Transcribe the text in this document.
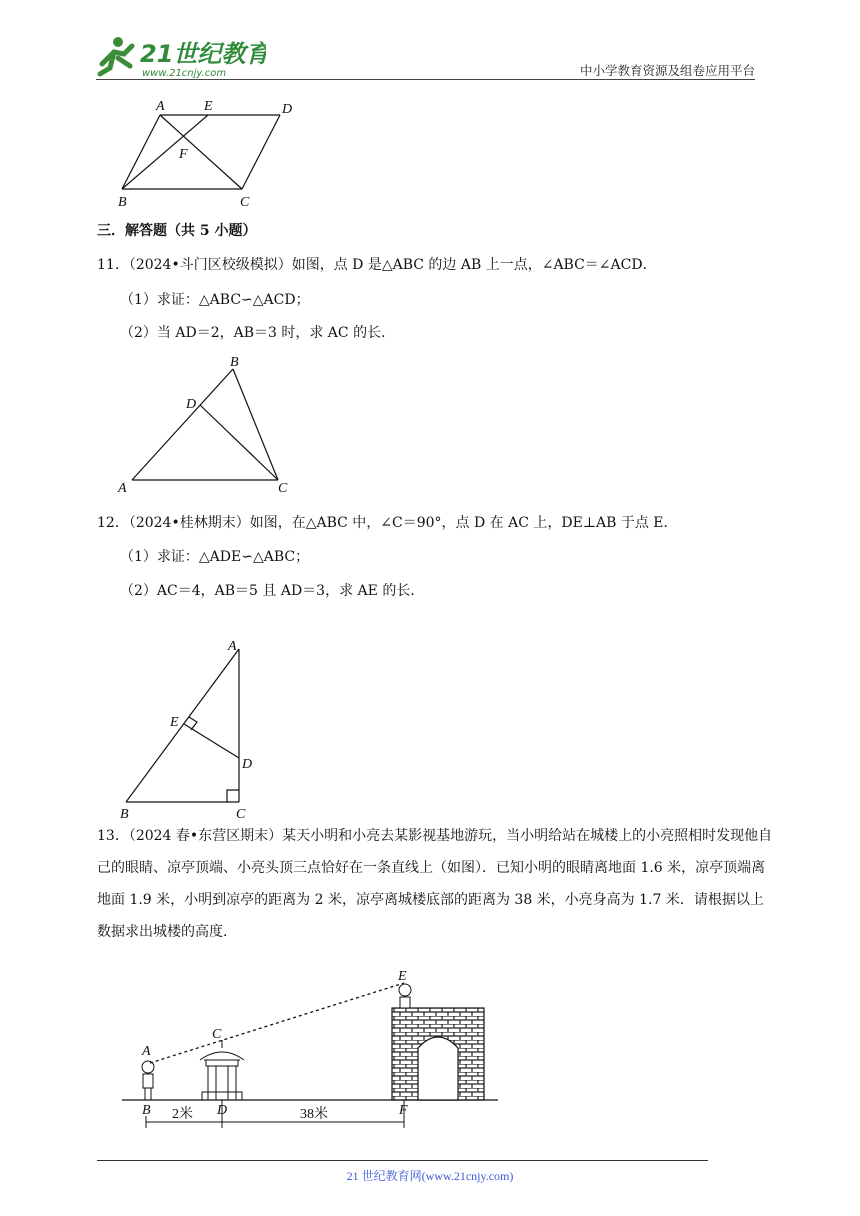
21世纪教育
www.21cnjy.com	中小学教育资源及组卷应用平台
A	E	D
F
B	C
三．解答题（共 5 小题）
11．（2024•斗门区校级模拟）如图，点 D 是△ABC 的边 AB 上一点，∠ABC＝∠ACD．
（1）求证：△ABC∽△ACD；
（2）当 AD＝2，AB＝3 时，求 AC 的长．
B
D
A	C
12．（2024•桂林期末）如图，在△ABC 中，∠C＝90°，点 D 在 AC 上，DE⊥AB 于点 E．
（1）求证：△ADE∽△ABC；
（2）AC＝4，AB＝5 且 AD＝3，求 AE 的长．
A
E
D
B	C
13．（2024 春•东营区期末）某天小明和小亮去某影视基地游玩，当小明给站在城楼上的小亮照相时发现他自己的眼睛、凉亭顶端、小亮头顶三点恰好在一条直线上（如图）．已知小明的眼睛离地面 1.6 米，凉亭顶端离地面 1.9 米，小明到凉亭的距离为 2 米，凉亭离城楼底部的距离为 38 米，小亮身高为 1.7 米．请根据以上数据求出城楼的高度．
E
C
A
B	D	F
2米	38米
21 世纪教育网(www.21cnjy.com)
